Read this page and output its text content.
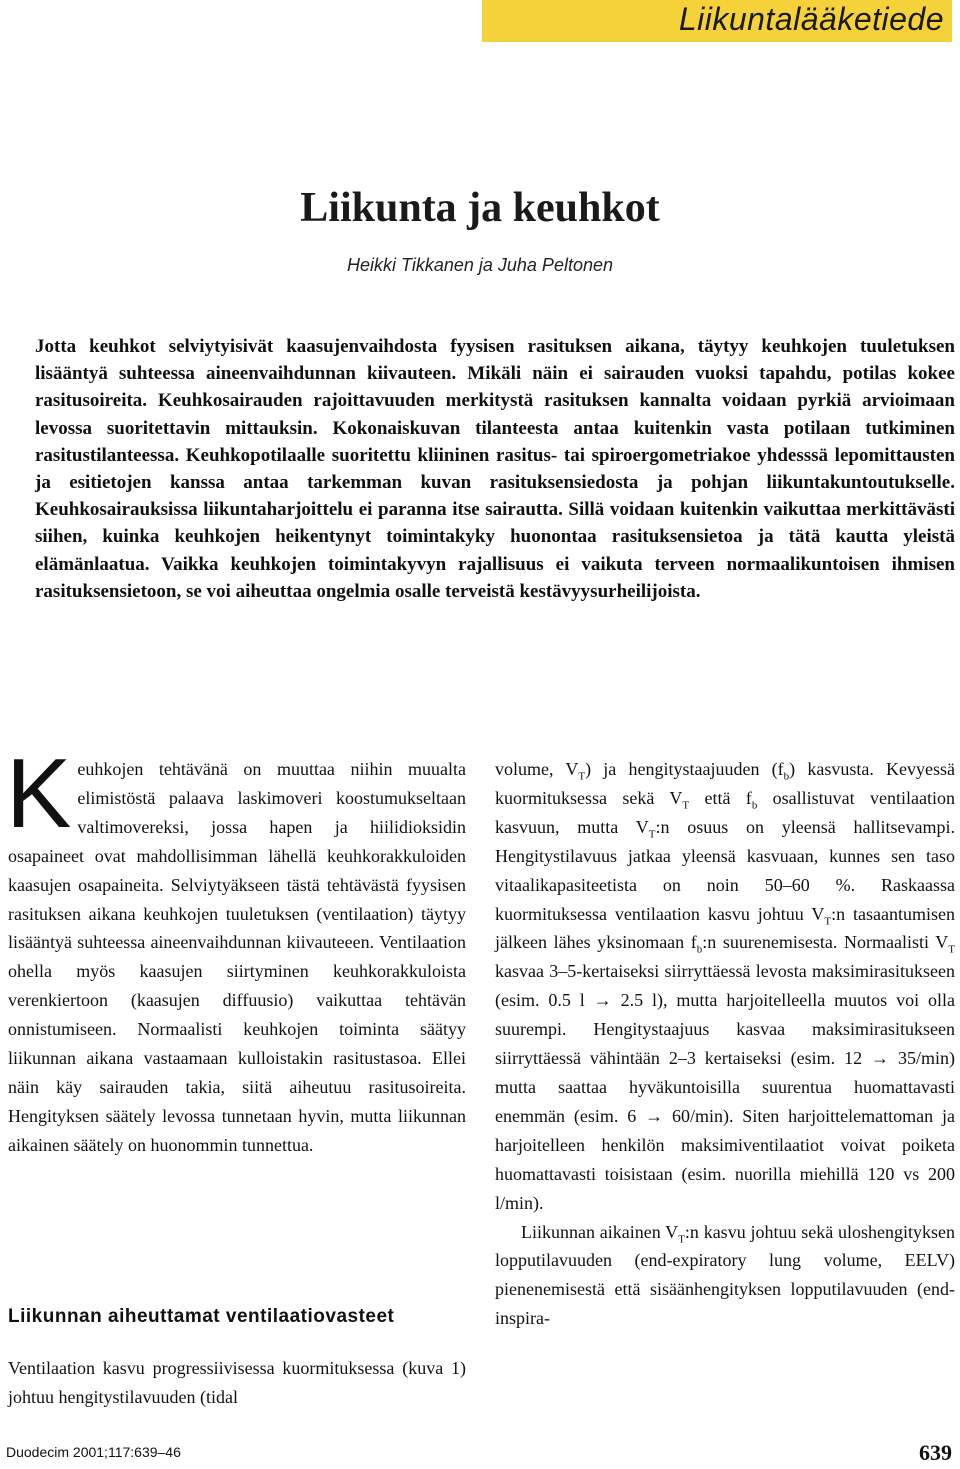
Liikuntalääketiede
Liikunta ja keuhkot
Heikki Tikkanen ja Juha Peltonen

Jotta keuhkot selviytyisivät kaasujenvaihdosta fyysisen rasituksen aikana, täytyy keuhkojen tuuletuksen lisääntyä suhteessa aineenvaihdunnan kiivauteen. Mikäli näin ei sairauden vuoksi tapahdu, potilas kokee rasitusoireita. Keuhkosairauden rajoittavuuden merkitystä rasituksen kannalta voidaan pyrkiä arvioimaan levossa suoritettavin mittauksin. Kokonaiskuvan tilanteesta antaa kuitenkin vasta potilaan tutkiminen rasitustilanteessa. Keuhkopotilaalle suoritettu kliininen rasitus- tai spiroergometriakoe yhdesssä lepomittausten ja esitietojen kanssa antaa tarkemman kuvan rasituksensiedosta ja pohjan liikuntakuntoutukselle. Keuhkosairauksissa liikuntaharjoittelu ei paranna itse sairautta. Sillä voidaan kuitenkin vaikuttaa merkittävästi siihen, kuinka keuhkojen heikentynyt toimintakyky huonontaa rasituksensietoa ja tätä kautta yleistä elämänlaatua. Vaikka keuhkojen toimintakyvyn rajallisuus ei vaikuta terveen normaalikuntoisen ihmisen rasituksensietoon, se voi aiheuttaa ongelmia osalle terveistä kestävyysurheilijoista.

K euhkojen tehtävänä on muuttaa niihin muualta elimistöstä palaava laskimoveri koostumukseltaan valtimovereksi, jossa hapen ja hiilidioksidin osapaineet ovat mahdollisimman lähellä keuhkorakkuloiden kaasujen osapaineita. Selviytyäkseen tästä tehtävästä fyysisen rasituksen aikana keuhkojen tuuletuksen (ventilaation) täytyy lisääntyä suhteessa aineenvaihdunnan kiivauteeen. Ventilaation ohella myös kaasujen siirtyminen keuhkorakkuloista verenkiertoon (kaasujen diffuusio) vaikuttaa tehtävän onnistumiseen. Normaalisti keuhkojen toiminta säätyy liikunnan aikana vastaamaan kulloistakin rasitustasoa. Ellei näin käy sairauden takia, siitä aiheutuu rasitusoireita. Hengityksen säätely levossa tunnetaan hyvin, mutta liikunnan aikainen säätely on huonommin tunnettua.
Liikunnan aiheuttamat ventilaatiovasteet

Ventilaation kasvu progressiivisessa kuormituksessa (kuva 1) johtuu hengitystilavuuden (tidal

volume, $V_T$) ja hengitystaajuuden $(f_b)$ kasvusta. Kevyessä kuormituksessa sekä $V_T$ että $f_b$ osallistuvat ventilaation kasvuun, mutta $V_T:n$ osuus on yleensä hallitsevampi. Hengitystilavuus jatkaa yleensä kasvuaan, kunnes sen taso vitaalikapasiteetista on noin 50–60 %. Raskaassa kuormituksessa ventilaation kasvu johtuu $V_T:n$ tasaantumisen jälkeen lähes yksinomaan $f_b:n$ suurenemisesta. Normaalisti $V_T$ kasvaa 3–5-kertaiseksi siirryttäessä levosta maksimirasitukseen (esim. 0.5 l → 2.5 l), mutta harjoitelleella muutos voi olla suurempi. Hengitystaajuus kasvaa maksimirasitukseen siirryttäessä vähintään 2–3 kertaiseksi (esim. 12 → 35/min) mutta saattaa hyväkuntoisilla suurentua huomattavasti enemmän (esim. 6 → 60/min). Siten harjoittelemattoman ja harjoitelleen henkilön maksimiventilaatiot voivat poiketa huomattavasti toisistaan (esim. nuorilla miehillä 120 vs 200 l/min).

Liikunnan aikainen $V_T:n$ kasvu johtuu sekä uloshengityksen lopputilavuuden (end-expiratory lung volume, EELV) pienenemisestä että sisäänhengityksen lopputilavuuden (end-inspira-

Duodecim 2001;117:639–46	639
